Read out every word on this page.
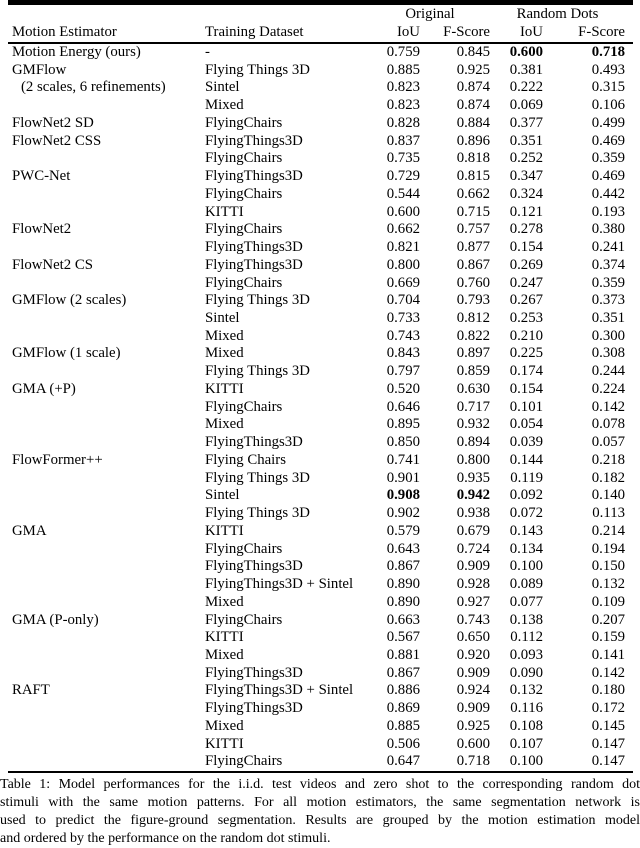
		Original		Random Dots	
Motion Estimator	Training Dataset	IoU	F-Score	IoU	F-Score
Motion Energy (ours)	-	0.759	0.845	0.600	0.718
GMFlow	Flying Things 3D	0.885	0.925	0.381	0.493
(2 scales, 6 refinements)	Sintel	0.823	0.874	0.222	0.315
	Mixed	0.823	0.874	0.069	0.106
FlowNet2 SD	FlyingChairs	0.828	0.884	0.377	0.499
FlowNet2 CSS	FlyingThings3D	0.837	0.896	0.351	0.469
	FlyingChairs	0.735	0.818	0.252	0.359
PWC-Net	FlyingThings3D	0.729	0.815	0.347	0.469
	FlyingChairs	0.544	0.662	0.324	0.442
	KITTI	0.600	0.715	0.121	0.193
FlowNet2	FlyingChairs	0.662	0.757	0.278	0.380
	FlyingThings3D	0.821	0.877	0.154	0.241
FlowNet2 CS	FlyingThings3D	0.800	0.867	0.269	0.374
	FlyingChairs	0.669	0.760	0.247	0.359
GMFlow (2 scales)	Flying Things 3D	0.704	0.793	0.267	0.373
	Sintel	0.733	0.812	0.253	0.351
	Mixed	0.743	0.822	0.210	0.300
GMFlow (1 scale)	Mixed	0.843	0.897	0.225	0.308
	Flying Things 3D	0.797	0.859	0.174	0.244
GMA (+P)	KITTI	0.520	0.630	0.154	0.224
	FlyingChairs	0.646	0.717	0.101	0.142
	Mixed	0.895	0.932	0.054	0.078
	FlyingThings3D	0.850	0.894	0.039	0.057
FlowFormer++	Flying Chairs	0.741	0.800	0.144	0.218
	Flying Things 3D	0.901	0.935	0.119	0.182
	Sintel	0.908	0.942	0.092	0.140
	Flying Things 3D	0.902	0.938	0.072	0.113
GMA	KITTI	0.579	0.679	0.143	0.214
	FlyingChairs	0.643	0.724	0.134	0.194
	FlyingThings3D	0.867	0.909	0.100	0.150
	FlyingThings3D + Sintel	0.890	0.928	0.089	0.132
	Mixed	0.890	0.927	0.077	0.109
GMA (P-only)	FlyingChairs	0.663	0.743	0.138	0.207
	KITTI	0.567	0.650	0.112	0.159
	Mixed	0.881	0.920	0.093	0.141
	FlyingThings3D	0.867	0.909	0.090	0.142
RAFT	FlyingThings3D + Sintel	0.886	0.924	0.132	0.180
	FlyingThings3D	0.869	0.909	0.116	0.172
	Mixed	0.885	0.925	0.108	0.145
	KITTI	0.506	0.600	0.107	0.147
	FlyingChairs	0.647	0.718	0.100	0.147
Table 1: Model performances for the i.i.d. test videos and zero shot to the corresponding random dot
stimuli with the same motion patterns. For all motion estimators, the same segmentation network is
used to predict the figure-ground segmentation. Results are grouped by the motion estimation model
and ordered by the performance on the random dot stimuli.
